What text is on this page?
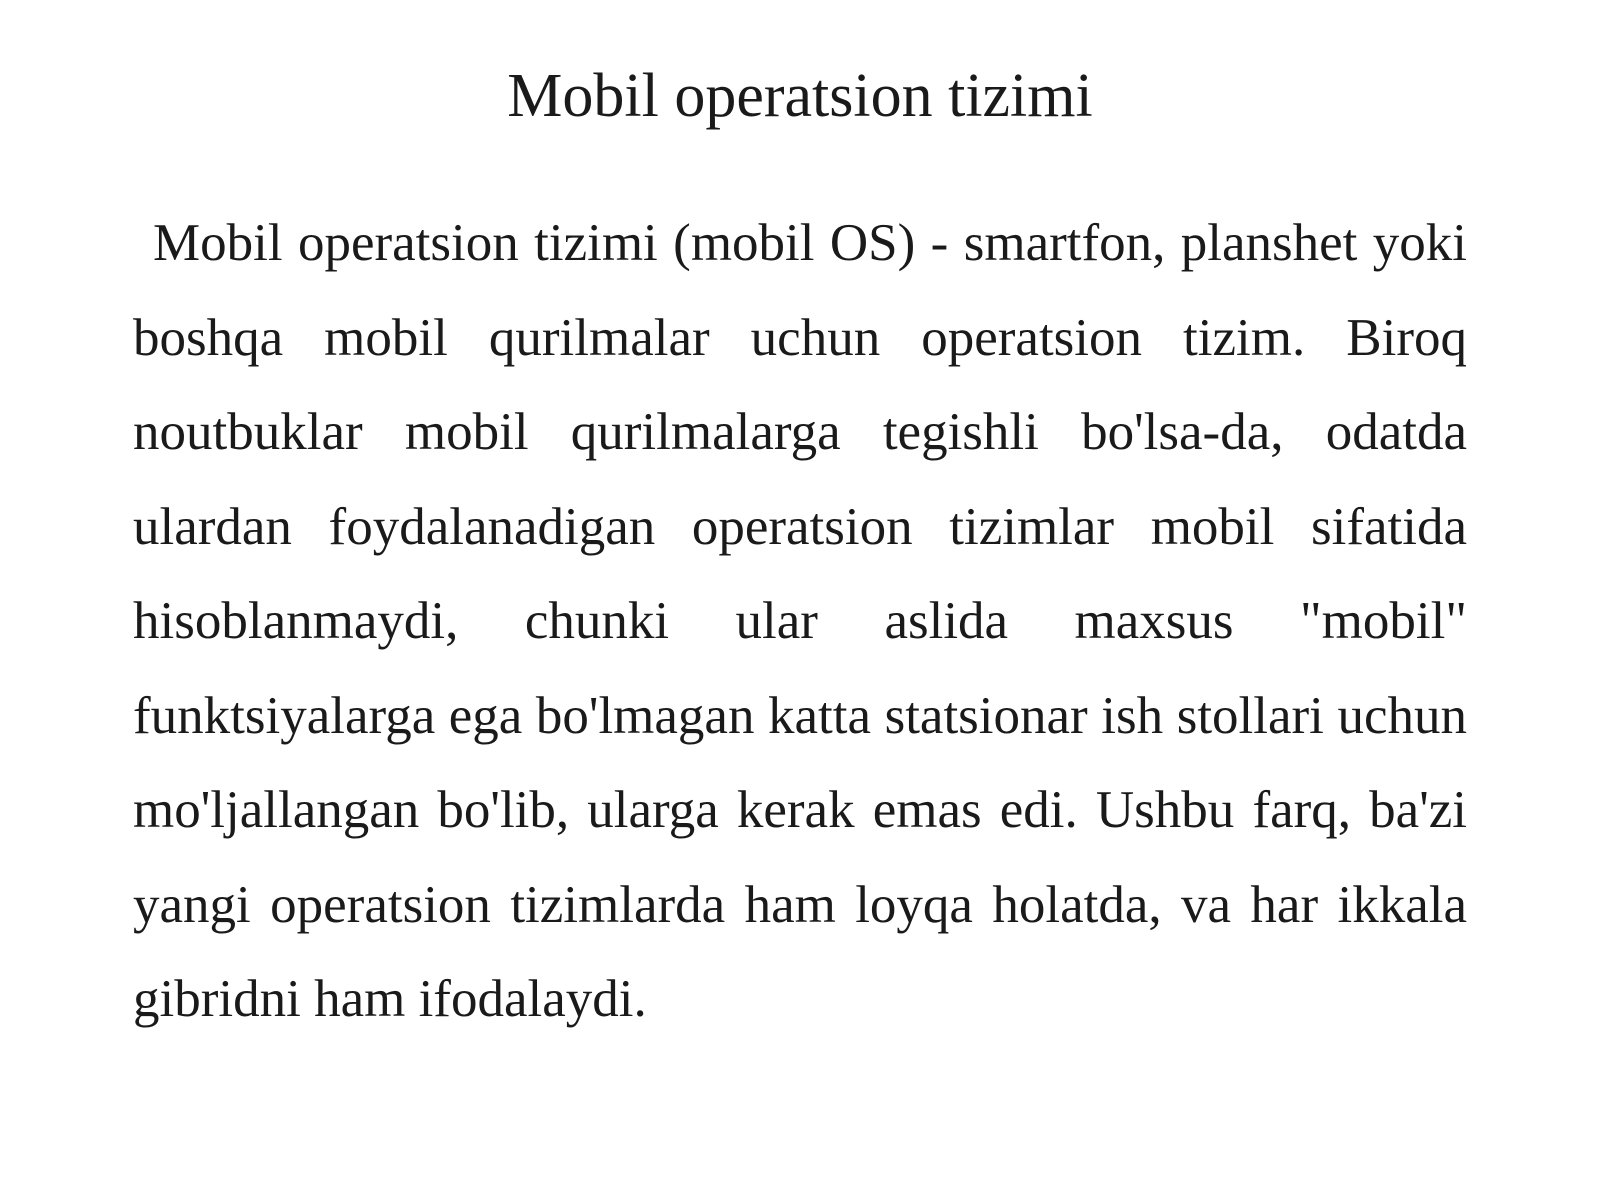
Mobil operatsion tizimi

Mobil operatsion tizimi (mobil OS) - smartfon, planshet yoki boshqa mobil qurilmalar uchun operatsion tizim. Biroq noutbuklar mobil qurilmalarga tegishli bo'lsa-da, odatda ulardan foydalanadigan operatsion tizimlar mobil sifatida hisoblanmaydi, chunki ular aslida maxsus "mobil" funktsiyalarga ega bo'lmagan katta statsionar ish stollari uchun mo'ljallangan bo'lib, ularga kerak emas edi. Ushbu farq, ba'zi yangi operatsion tizimlarda ham loyqa holatda, va har ikkala gibridni ham ifodalaydi.
